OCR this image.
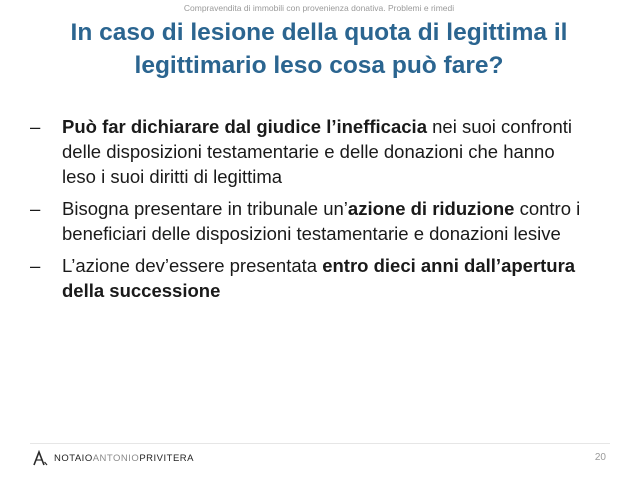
Compravendita di immobili con provenienza donativa. Problemi e rimedi
In caso di lesione della quota di legittima il legittimario leso cosa può fare?
– Può far dichiarare dal giudice l’inefficacia nei suoi confronti delle disposizioni testamentarie e delle donazioni che hanno leso i suoi diritti di legittima
– Bisogna presentare in tribunale un’azione di riduzione contro i beneficiari delle disposizioni testamentarie e donazioni lesive
– L’azione dev’essere presentata entro dieci anni dall’apertura della successione
NOTAIOANTONIOPRIVITERA	20
